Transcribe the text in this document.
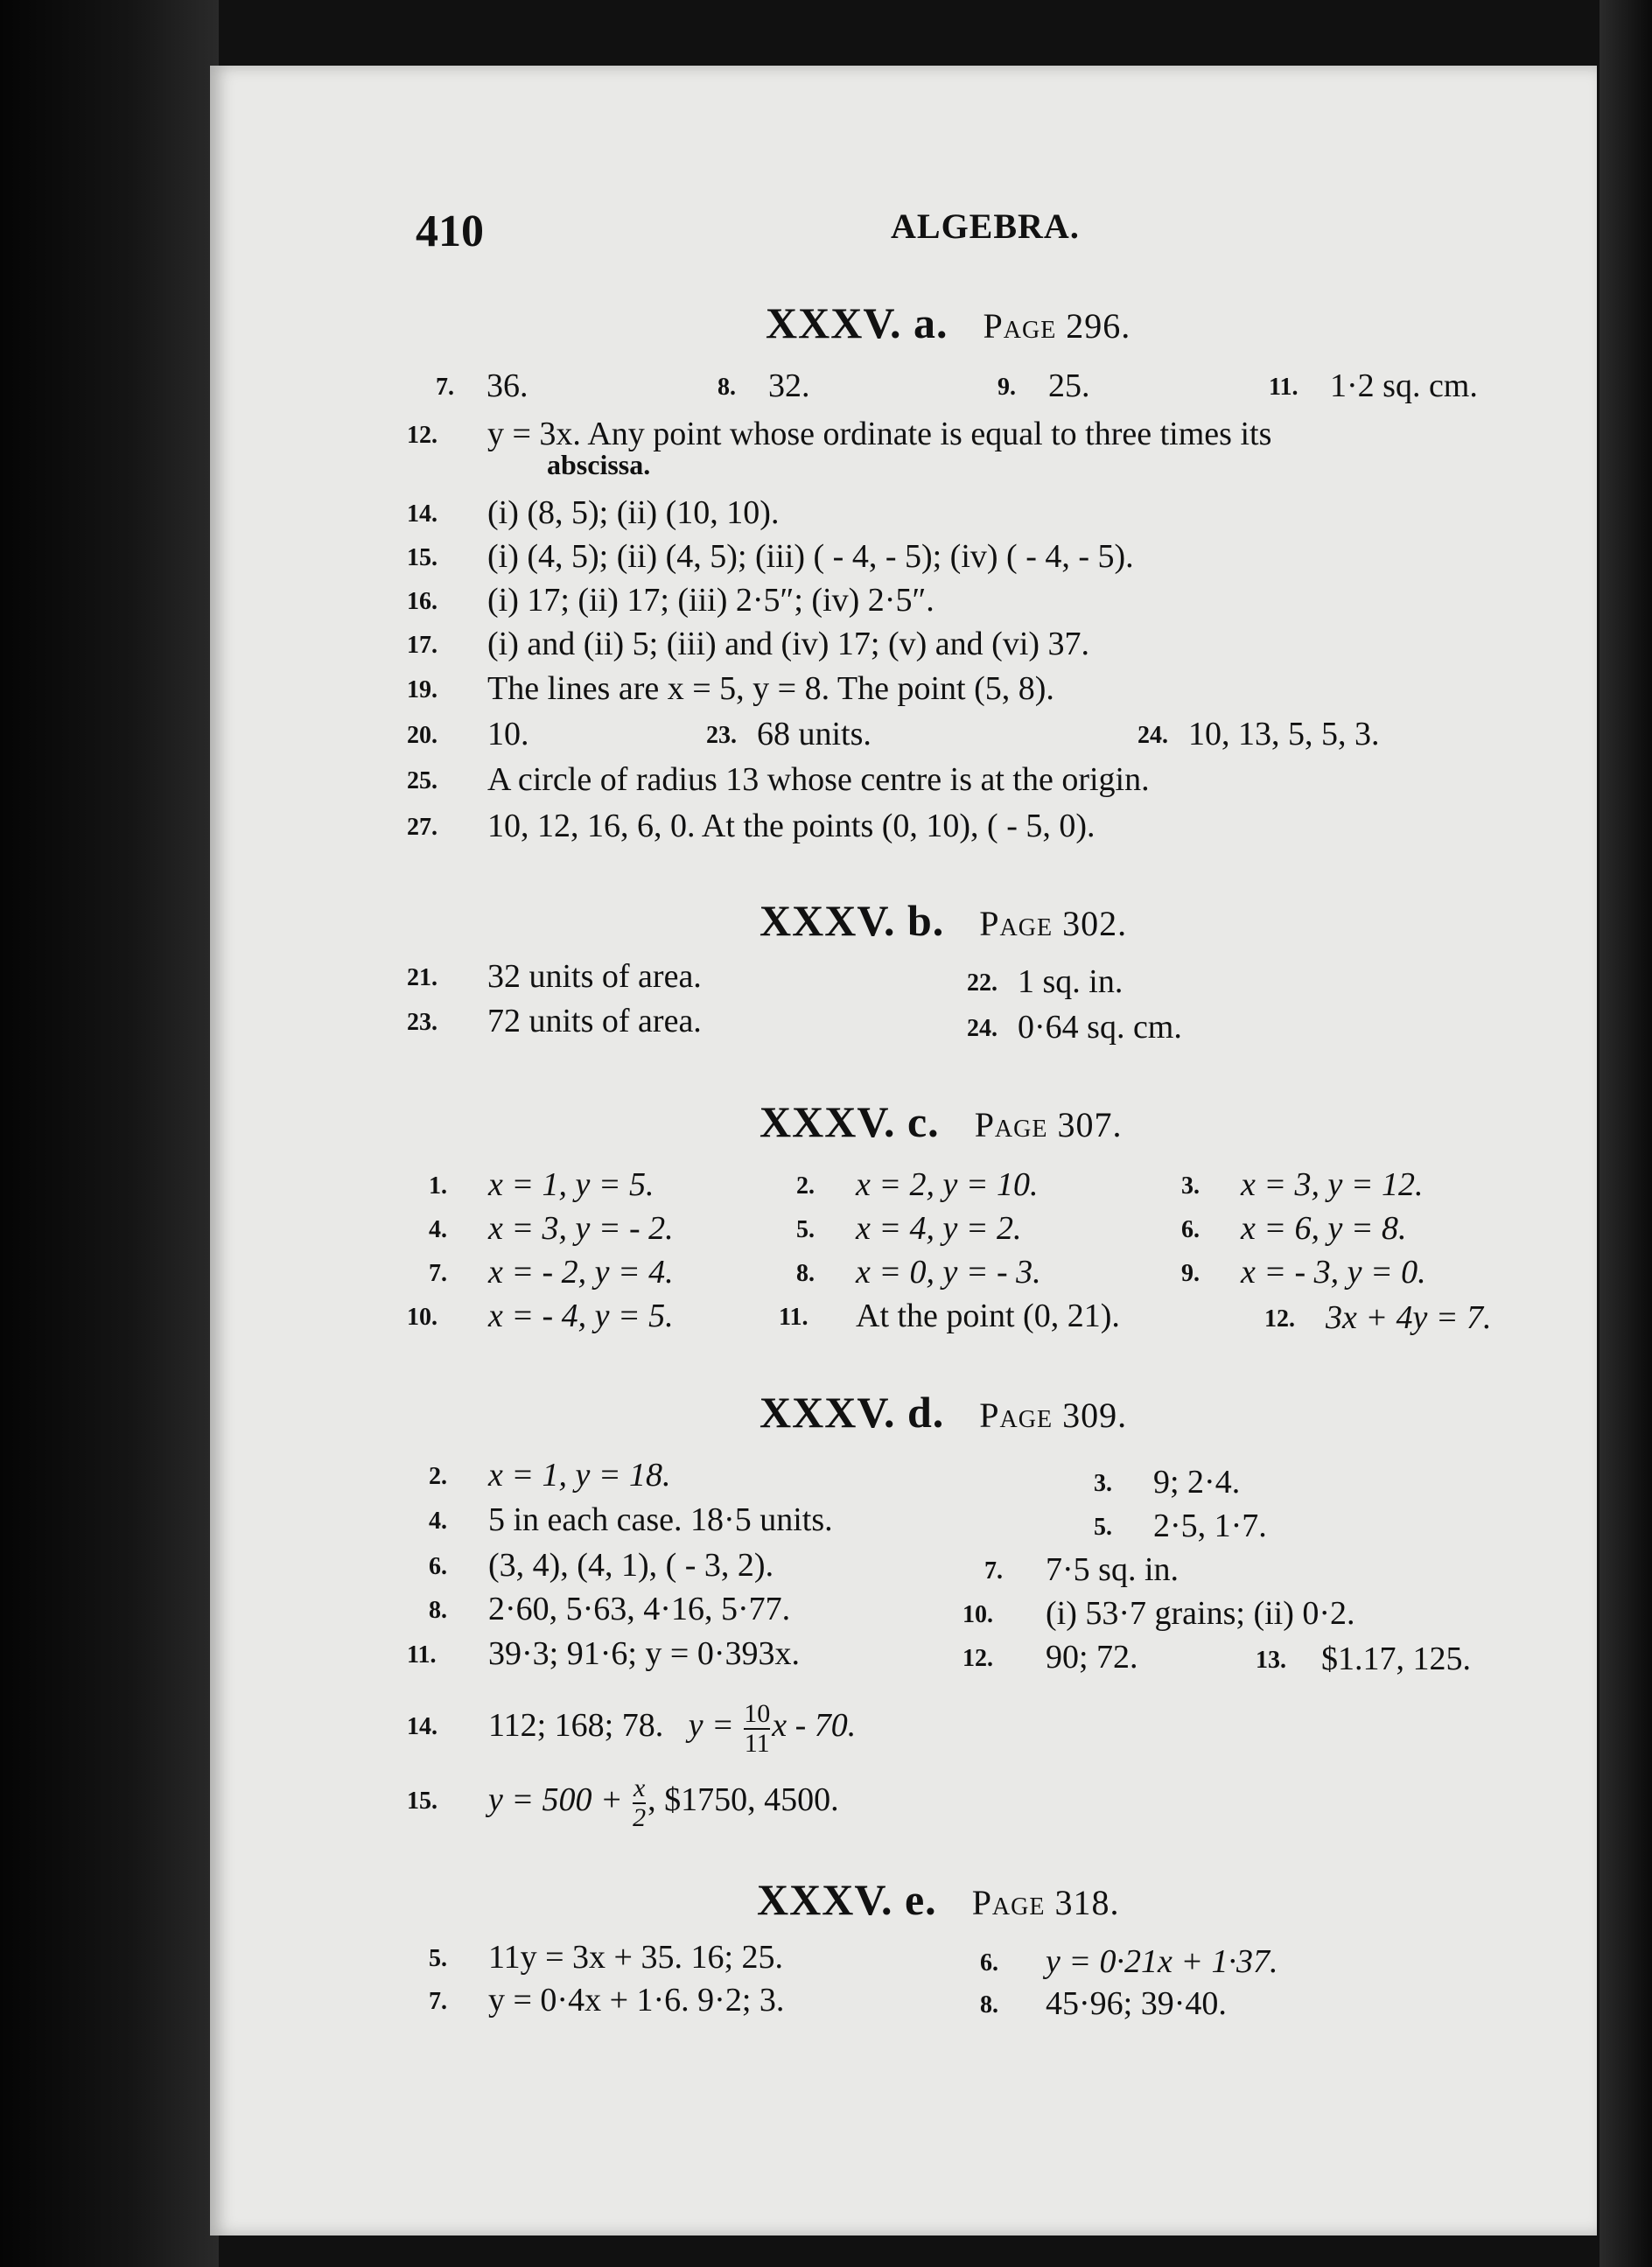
410	ALGEBRA.
XXXV. a. Page 296.
7. 36.	8. 32.	9. 25.	11. 1·2 sq. cm.
12. y = 3x. Any point whose ordinate is equal to three times its
abscissa.
14. (i) (8, 5); (ii) (10, 10).
15. (i) (4, 5); (ii) (4, 5); (iii) ( - 4, - 5); (iv) ( - 4, - 5).
16. (i) 17; (ii) 17; (iii) 2·5″; (iv) 2·5″.
17. (i) and (ii) 5; (iii) and (iv) 17; (v) and (vi) 37.
19. The lines are x = 5, y = 8. The point (5, 8).
20. 10.	23. 68 units.	24. 10, 13, 5, 5, 3.
25. A circle of radius 13 whose centre is at the origin.
27. 10, 12, 16, 6, 0. At the points (0, 10), ( - 5, 0).
XXXV. b. Page 302.
21. 32 units of area.	22. 1 sq. in.
23. 72 units of area.	24. 0·64 sq. cm.
XXXV. c. Page 307.
1. x = 1, y = 5.	2. x = 2, y = 10.	3. x = 3, y = 12.
4. x = 3, y = - 2.	5. x = 4, y = 2.	6. x = 6, y = 8.
7. x = - 2, y = 4.	8. x = 0, y = - 3.	9. x = - 3, y = 0.
10. x = - 4, y = 5.	11. At the point (0, 21).	12. 3x + 4y = 7.
XXXV. d. Page 309.
2. x = 1, y = 18.	3. 9; 2·4.
4. 5 in each case. 18·5 units.	5. 2·5, 1·7.
6. (3, 4), (4, 1), ( - 3, 2).	7. 7·5 sq. in.
8. 2·60, 5·63, 4·16, 5·77.	10. (i) 53·7 grains; (ii) 0·2.
11. 39·3; 91·6; y = 0·393x.	12. 90; 72.	13. $1.17, 125.
14. 112; 168; 78. $y = \frac{10}{11}$ x - 70.
15. $y = 500 + \frac{x}{2}$ , $1750, 4500.
XXXV. e. Page 318.
5. 11y = 3x + 35. 16; 25.	6. y = 0·21x + 1·37.
7. y = 0·4x + 1·6. 9·2; 3.	8. 45·96; 39·40.
